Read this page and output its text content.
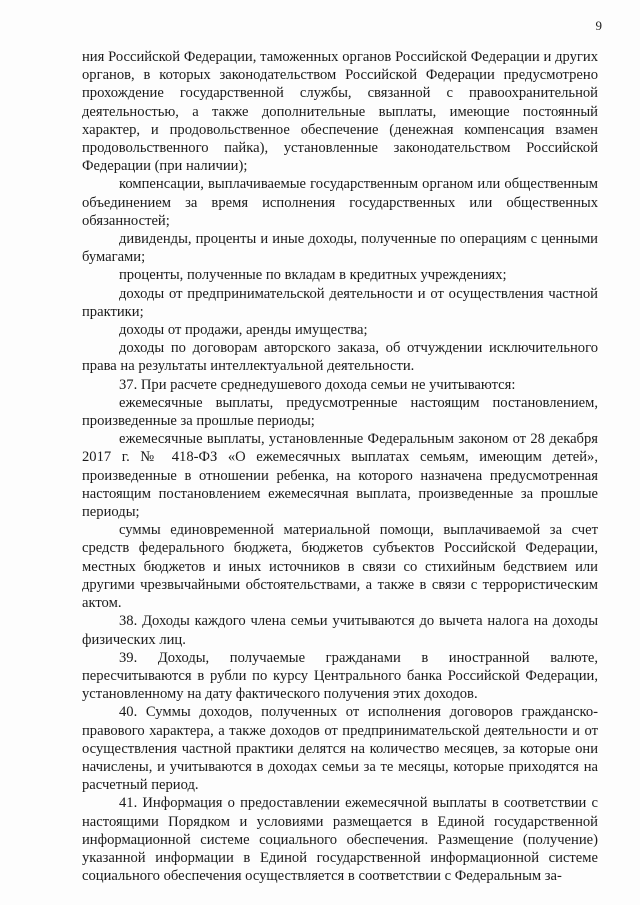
9

ния Российской Федерации, таможенных органов Российской Федерации и других органов, в которых законодательством Российской Федерации предусмотрено прохождение государственной службы, связанной с правоохранительной деятельностью, а также дополнительные выплаты, имеющие постоянный характер, и продовольственное обеспечение (денежная компенсация взамен продовольственного пайка), установленные законодательством Российской Федерации (при наличии);

компенсации, выплачиваемые государственным органом или общественным объединением за время исполнения государственных или общественных обязанностей;

дивиденды, проценты и иные доходы, полученные по операциям с ценными бумагами;

проценты, полученные по вкладам в кредитных учреждениях;

доходы от предпринимательской деятельности и от осуществления частной практики;

доходы от продажи, аренды имущества;

доходы по договорам авторского заказа, об отчуждении исключительного права на результаты интеллектуальной деятельности.

37. При расчете среднедушевого дохода семьи не учитываются:

ежемесячные выплаты, предусмотренные настоящим постановлением, произведенные за прошлые периоды;

ежемесячные выплаты, установленные Федеральным законом от 28 декабря 2017 г. № 418-ФЗ «О ежемесячных выплатах семьям, имеющим детей», произведенные в отношении ребенка, на которого назначена предусмотренная настоящим постановлением ежемесячная выплата, произведенные за прошлые периоды;

суммы единовременной материальной помощи, выплачиваемой за счет средств федерального бюджета, бюджетов субъектов Российской Федерации, местных бюджетов и иных источников в связи со стихийным бедствием или другими чрезвычайными обстоятельствами, а также в связи с террористическим актом.

38. Доходы каждого члена семьи учитываются до вычета налога на доходы физических лиц.

39. Доходы, получаемые гражданами в иностранной валюте, пересчитываются в рубли по курсу Центрального банка Российской Федерации, установленному на дату фактического получения этих доходов.

40. Суммы доходов, полученных от исполнения договоров гражданско-правового характера, а также доходов от предпринимательской деятельности и от осуществления частной практики делятся на количество месяцев, за которые они начислены, и учитываются в доходах семьи за те месяцы, которые приходятся на расчетный период.

41. Информация о предоставлении ежемесячной выплаты в соответствии с настоящими Порядком и условиями размещается в Единой государственной информационной системе социального обеспечения. Размещение (получение) указанной информации в Единой государственной информационной системе социального обеспечения осуществляется в соответствии с Федеральным за-
